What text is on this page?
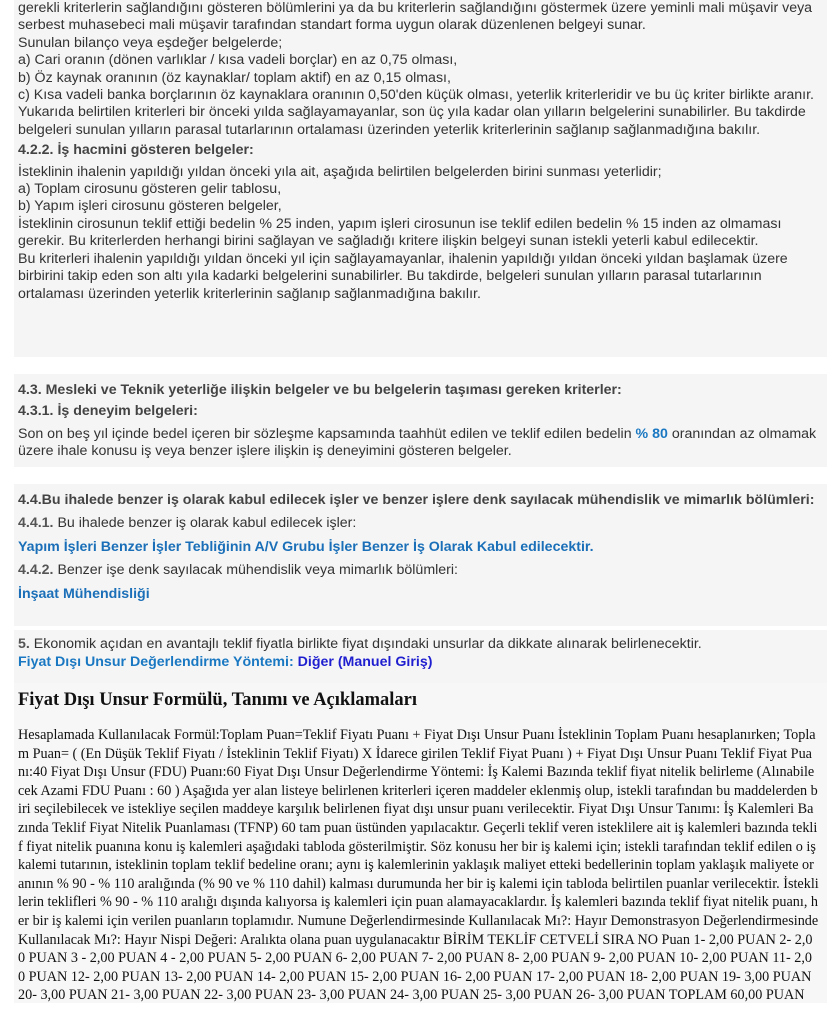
gerekli kriterlerin sağlandığını gösteren bölümlerini ya da bu kriterlerin sağlandığını göstermek üzere yeminli mali müşavir veya serbest muhasebeci mali müşavir tarafından standart forma uygun olarak düzenlenen belgeyi sunar.

Sunulan bilanço veya eşdeğer belgelerde;

a) Cari oranın (dönen varlıklar / kısa vadeli borçlar) en az 0,75 olması,

b) Öz kaynak oranının (öz kaynaklar/ toplam aktif) en az 0,15 olması,

c) Kısa vadeli banka borçlarının öz kaynaklara oranının 0,50'den küçük olması, yeterlik kriterleridir ve bu üç kriter birlikte aranır.

Yukarıda belirtilen kriterleri bir önceki yılda sağlayamayanlar, son üç yıla kadar olan yılların belgelerini sunabilirler. Bu takdirde belgeleri sunulan yılların parasal tutarlarının ortalaması üzerinden yeterlik kriterlerinin sağlanıp sağlanmadığına bakılır.

4.2.2. İş hacmini gösteren belgeler:

İsteklinin ihalenin yapıldığı yıldan önceki yıla ait, aşağıda belirtilen belgelerden birini sunması yeterlidir;

a) Toplam cirosunu gösteren gelir tablosu,

b) Yapım işleri cirosunu gösteren belgeler,

İsteklinin cirosunun teklif ettiği bedelin % 25 inden, yapım işleri cirosunun ise teklif edilen bedelin % 15 inden az olmaması gerekir. Bu kriterlerden herhangi birini sağlayan ve sağladığı kritere ilişkin belgeyi sunan istekli yeterli kabul edilecektir.

Bu kriterleri ihalenin yapıldığı yıldan önceki yıl için sağlayamayanlar, ihalenin yapıldığı yıldan önceki yıldan başlamak üzere birbirini takip eden son altı yıla kadarki belgelerini sunabilirler. Bu takdirde, belgeleri sunulan yılların parasal tutarlarının ortalaması üzerinden yeterlik kriterlerinin sağlanıp sağlanmadığına bakılır.

4.3. Mesleki ve Teknik yeterliğe ilişkin belgeler ve bu belgelerin taşıması gereken kriterler:
4.3.1. İş deneyim belgeleri:

Son on beş yıl içinde bedel içeren bir sözleşme kapsamında taahhüt edilen ve teklif edilen bedelin % 80 oranından az olmamak üzere ihale konusu iş veya benzer işlere ilişkin iş deneyimini gösteren belgeler.

4.4.Bu ihalede benzer iş olarak kabul edilecek işler ve benzer işlere denk sayılacak mühendislik ve mimarlık bölümleri:

4.4.1. Bu ihalede benzer iş olarak kabul edilecek işler:

Yapım İşleri Benzer İşler Tebliğinin A/V Grubu İşler Benzer İş Olarak Kabul edilecektir.

4.4.2. Benzer işe denk sayılacak mühendislik veya mimarlık bölümleri:

İnşaat Mühendisliği

5. Ekonomik açıdan en avantajlı teklif fiyatla birlikte fiyat dışındaki unsurlar da dikkate alınarak belirlenecektir.

Fiyat Dışı Unsur Değerlendirme Yöntemi: Diğer (Manuel Giriş)

Fiyat Dışı Unsur Formülü, Tanımı ve Açıklamaları
Hesaplamada Kullanılacak Formül:Toplam Puan=Teklif Fiyatı Puanı + Fiyat Dışı Unsur Puanı İsteklinin Toplam Puanı hesaplanırken; Toplam Puan= ( (En Düşük Teklif Fiyatı / İsteklinin Teklif Fiyatı) X İdarece girilen Teklif Fiyat Puanı ) + Fiyat Dışı Unsur Puanı Teklif Fiyat Puanı:40 Fiyat Dışı Unsur (FDU) Puanı:60 Fiyat Dışı Unsur Değerlendirme Yöntemi: İş Kalemi Bazında teklif fiyat nitelik belirleme (Alınabilecek Azami FDU Puanı : 60 ) Aşağıda yer alan listeye belirlenen kriterleri içeren maddeler eklenmiş olup, istekli tarafından bu maddelerden biri seçilebilecek ve istekliye seçilen maddeye karşılık belirlenen fiyat dışı unsur puanı verilecektir. Fiyat Dışı Unsur Tanımı: İş Kalemleri Bazında Teklif Fiyat Nitelik Puanlaması (TFNP) 60 tam puan üstünden yapılacaktır. Geçerli teklif veren isteklilere ait iş kalemleri bazında teklif fiyat nitelik puanına konu iş kalemleri aşağıdaki tabloda gösterilmiştir. Söz konusu her bir iş kalemi için; istekli tarafından teklif edilen o iş kalemi tutarının, isteklinin toplam teklif bedeline oranı; aynı iş kalemlerinin yaklaşık maliyet etteki bedellerinin toplam yaklaşık maliyete oranının % 90 - % 110 aralığında (% 90 ve % 110 dahil) kalması durumunda her bir iş kalemi için tabloda belirtilen puanlar verilecektir. İsteklilerin teklifleri % 90 - % 110 aralığı dışında kalıyorsa iş kalemleri için puan alamayacaklardır. İş kalemleri bazında teklif fiyat nitelik puanı, her bir iş kalemi için verilen puanların toplamıdır. Numune Değerlendirmesinde Kullanılacak Mı?: Hayır Demonstrasyon Değerlendirmesinde Kullanılacak Mı?: Hayır Nispi Değeri: Aralıkta olana puan uygulanacaktır BİRİM TEKLİF CETVELİ SIRA NO Puan 1- 2,00 PUAN 2- 2,00 PUAN 3 - 2,00 PUAN 4 - 2,00 PUAN 5- 2,00 PUAN 6- 2,00 PUAN 7- 2,00 PUAN 8- 2,00 PUAN 9- 2,00 PUAN 10- 2,00 PUAN 11- 2,00 PUAN 12- 2,00 PUAN 13- 2,00 PUAN 14- 2,00 PUAN 15- 2,00 PUAN 16- 2,00 PUAN 17- 2,00 PUAN 18- 2,00 PUAN 19- 3,00 PUAN 20- 3,00 PUAN 21- 3,00 PUAN 22- 3,00 PUAN 23- 3,00 PUAN 24- 3,00 PUAN 25- 3,00 PUAN 26- 3,00 PUAN TOPLAM 60,00 PUAN
